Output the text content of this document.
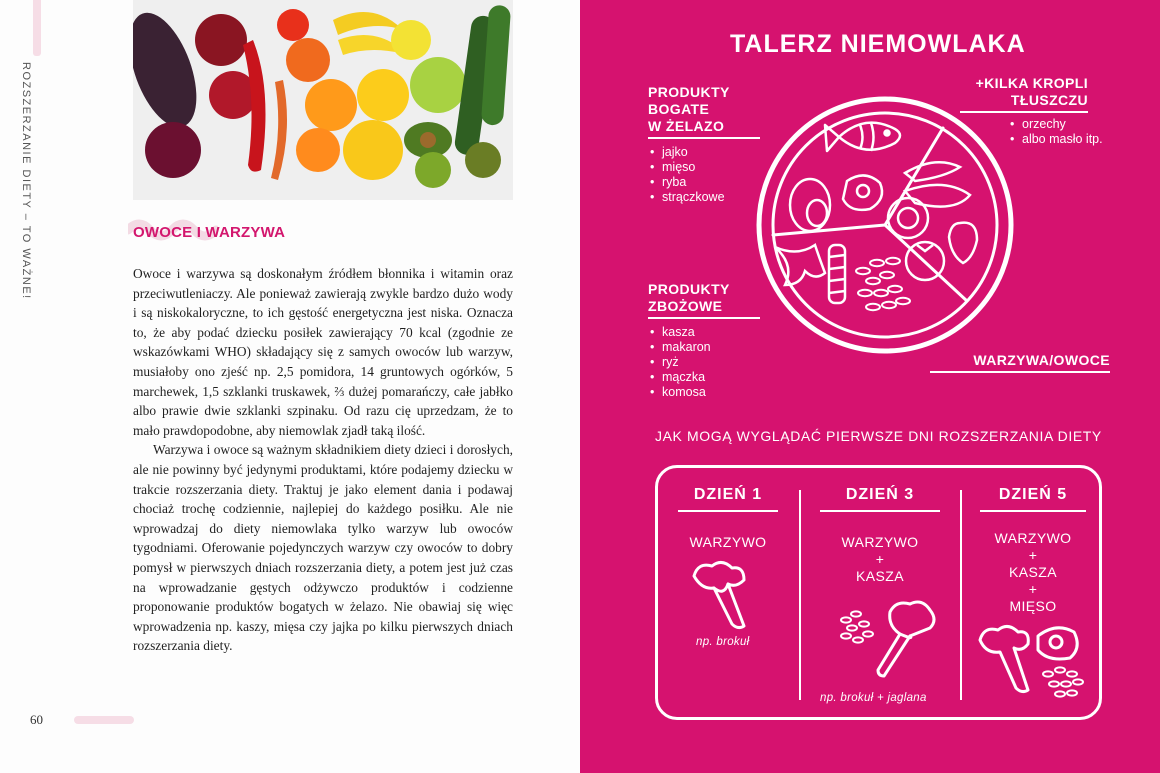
ROZSZERZANIE DIETY – TO WAŻNE!	OWOCE I WARZYWA

Owoce i warzywa są doskonałym źródłem błonnika i witamin oraz przeciwutleniaczy. Ale ponieważ zawierają zwykle bardzo dużo wody i są niskokaloryczne, to ich gęstość energetyczna jest niska. Oznacza to, że aby podać dziecku posiłek zawierający 70 kcal (zgodnie ze wskazówkami WHO) składający się z samych owoców lub warzyw, musiałoby ono zjeść np. 2,5 pomidora, 14 gruntowych ogórków, 5 marchewek, 1,5 szklanki truskawek, ⅔ dużej pomarańczy, całe jabłko albo prawie dwie szklanki szpinaku. Od razu cię uprzedzam, że to mało prawdopodobne, aby niemowlak zjadł taką ilość.

Warzywa i owoce są ważnym składnikiem diety dzieci i dorosłych, ale nie powinny być jedynymi produktami, które podajemy dziecku w trakcie rozszerzania diety. Traktuj je jako element dania i podawaj chociaż trochę codziennie, najlepiej do każdego posiłku. Ale nie wprowadzaj do diety niemowlaka tylko warzyw lub owoców tygodniami. Oferowanie pojedynczych warzyw czy owoców to dobry pomysł w pierwszych dniach rozszerzania diety, a potem jest już czas na wprowadzanie gęstych odżywczo produktów i codzienne proponowanie produktów bogatych w żelazo. Nie obawiaj się więc wprowadzenia np. kaszy, mięsa czy jajka po kilku pierwszych dniach rozszerzania diety.

60
TALERZ NIEMOWLAKA
PRODUKTY
BOGATE
W ŻELAZO
• jajko
• mięso
• ryba
• strączkowe
+KILKA KROPLI
TŁUSZCZU
• orzechy
• albo masło itp.
PRODUKTY
ZBOŻOWE
• kasza
• makaron
• ryż
• mączka
• komosa
WARZYWA/OWOCE
JAK MOGĄ WYGLĄDAĆ PIERWSZE DNI ROZSZERZANIA DIETY
DZIEŃ 1
WARZYWO
np. brokuł
DZIEŃ 3
WARZYWO
+
KASZA
np. brokuł + jaglana
DZIEŃ 5
WARZYWO
+
KASZA
+
MIĘSO
